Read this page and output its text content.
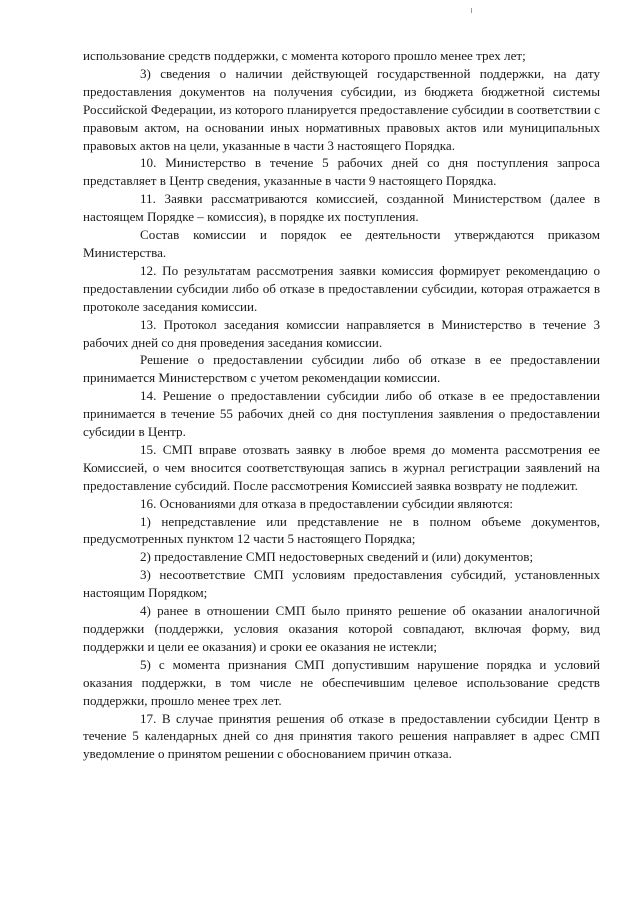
использование средств поддержки, с момента которого прошло менее трех лет;

3) сведения о наличии действующей государственной поддержки, на дату предоставления документов на получения субсидии, из бюджета бюджетной системы Российской Федерации, из которого планируется предоставление субсидии в соответствии с правовым актом, на основании иных нормативных правовых актов или муниципальных правовых актов на цели, указанные в части 3 настоящего Порядка.

10. Министерство в течение 5 рабочих дней со дня поступления запроса представляет в Центр сведения, указанные в части 9 настоящего Порядка.

11. Заявки рассматриваются комиссией, созданной Министерством (далее в настоящем Порядке – комиссия), в порядке их поступления.

Состав комиссии и порядок ее деятельности утверждаются приказом Министерства.

12. По результатам рассмотрения заявки комиссия формирует рекомендацию о предоставлении субсидии либо об отказе в предоставлении субсидии, которая отражается в протоколе заседания комиссии.

13. Протокол заседания комиссии направляется в Министерство в течение 3 рабочих дней со дня проведения заседания комиссии.

Решение о предоставлении субсидии либо об отказе в ее предоставлении принимается Министерством с учетом рекомендации комиссии.

14. Решение о предоставлении субсидии либо об отказе в ее предоставлении принимается в течение 55 рабочих дней со дня поступления заявления о предоставлении субсидии в Центр.

15. СМП вправе отозвать заявку в любое время до момента рассмотрения ее Комиссией, о чем вносится соответствующая запись в журнал регистрации заявлений на предоставление субсидий. После рассмотрения Комиссией заявка возврату не подлежит.

16. Основаниями для отказа в предоставлении субсидии являются:

1) непредставление или представление не в полном объеме документов, предусмотренных пунктом 12 части 5 настоящего Порядка;

2) предоставление СМП недостоверных сведений и (или) документов;

3) несоответствие СМП условиям предоставления субсидий, установленных настоящим Порядком;

4) ранее в отношении СМП было принято решение об оказании аналогичной поддержки (поддержки, условия оказания которой совпадают, включая форму, вид поддержки и цели ее оказания) и сроки ее оказания не истекли;

5) с момента признания СМП допустившим нарушение порядка и условий оказания поддержки, в том числе не обеспечившим целевое использование средств поддержки, прошло менее трех лет.

17. В случае принятия решения об отказе в предоставлении субсидии Центр в течение 5 календарных дней со дня принятия такого решения направляет в адрес СМП уведомление о принятом решении с обоснованием причин отказа.
